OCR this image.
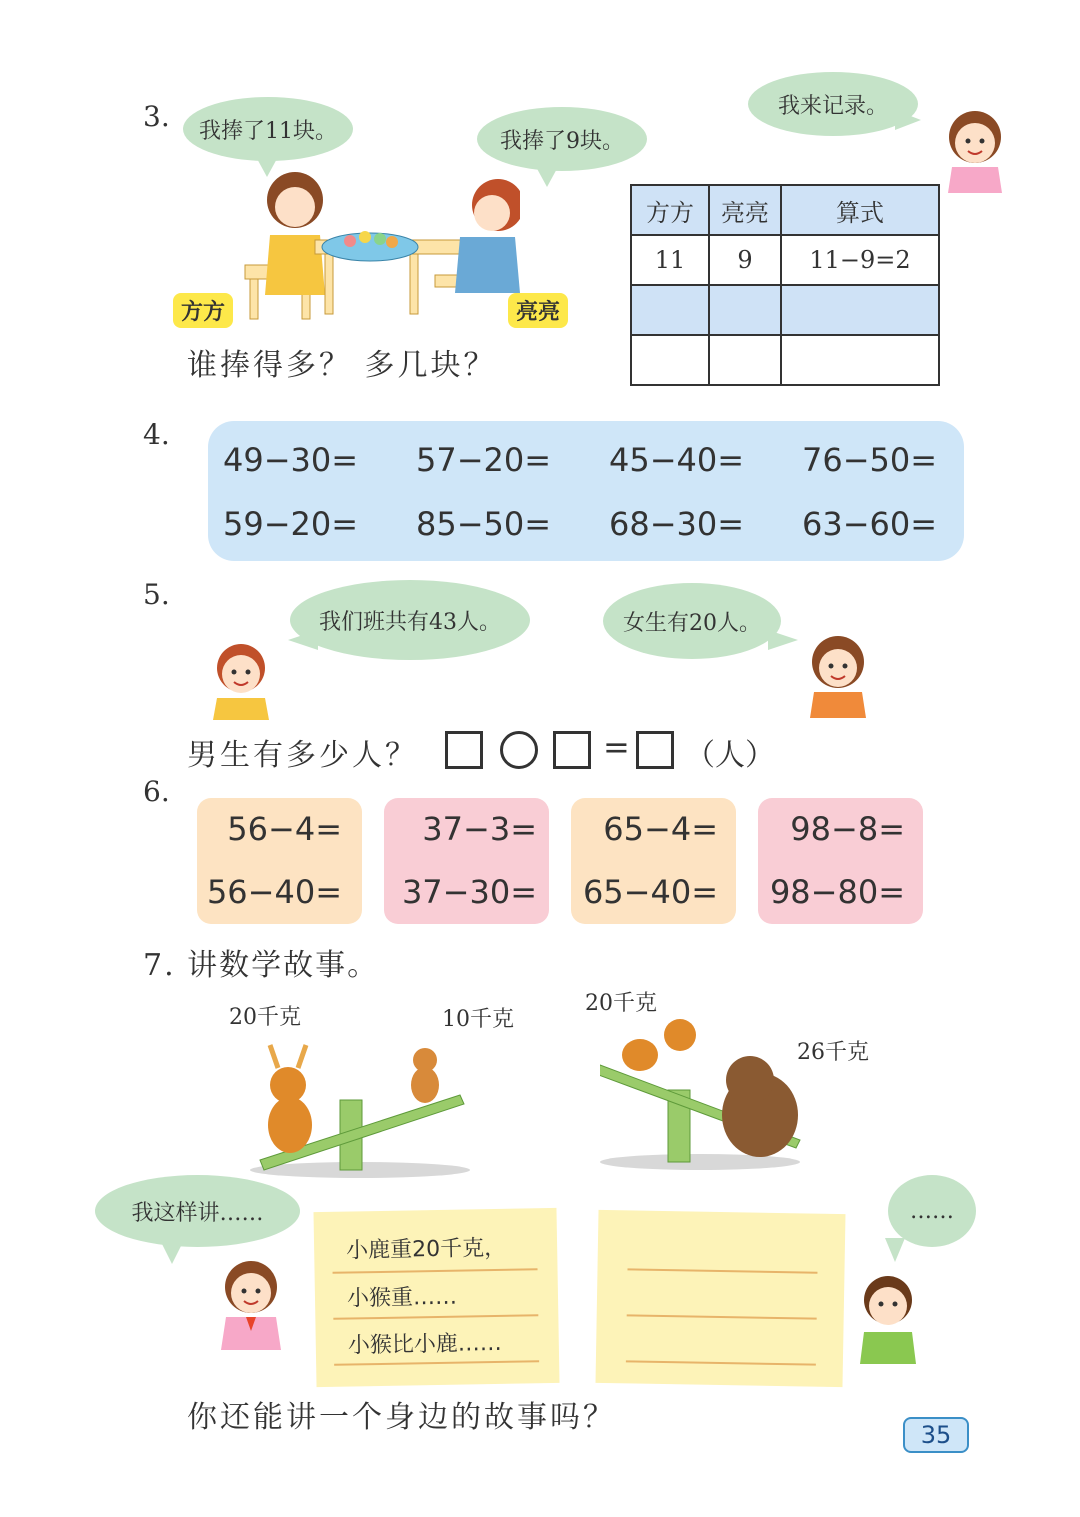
3. 我捧了11块。	我捧了9块。
我来记录。
方方	亮亮
谁捧得多？ 多几块？
方方	亮亮	算式
11	9	11−9=2

4.
49−30= 57−20= 45−40= 76−50=
59−20= 85−50= 68−30= 63−60=
5.
我们班共有43人。	女生有20人。
男生有多少人？	= （人）
6.
56−4=
56−40=
37−3=
37−30=
65−4=
65−40=
98−8=
98−80=
7. 讲数学故事。
20千克	10千克
20千克
26千克
我这样讲……	……
小鹿重20千克，
小猴重……
小猴比小鹿……
你还能讲一个身边的故事吗？	35
